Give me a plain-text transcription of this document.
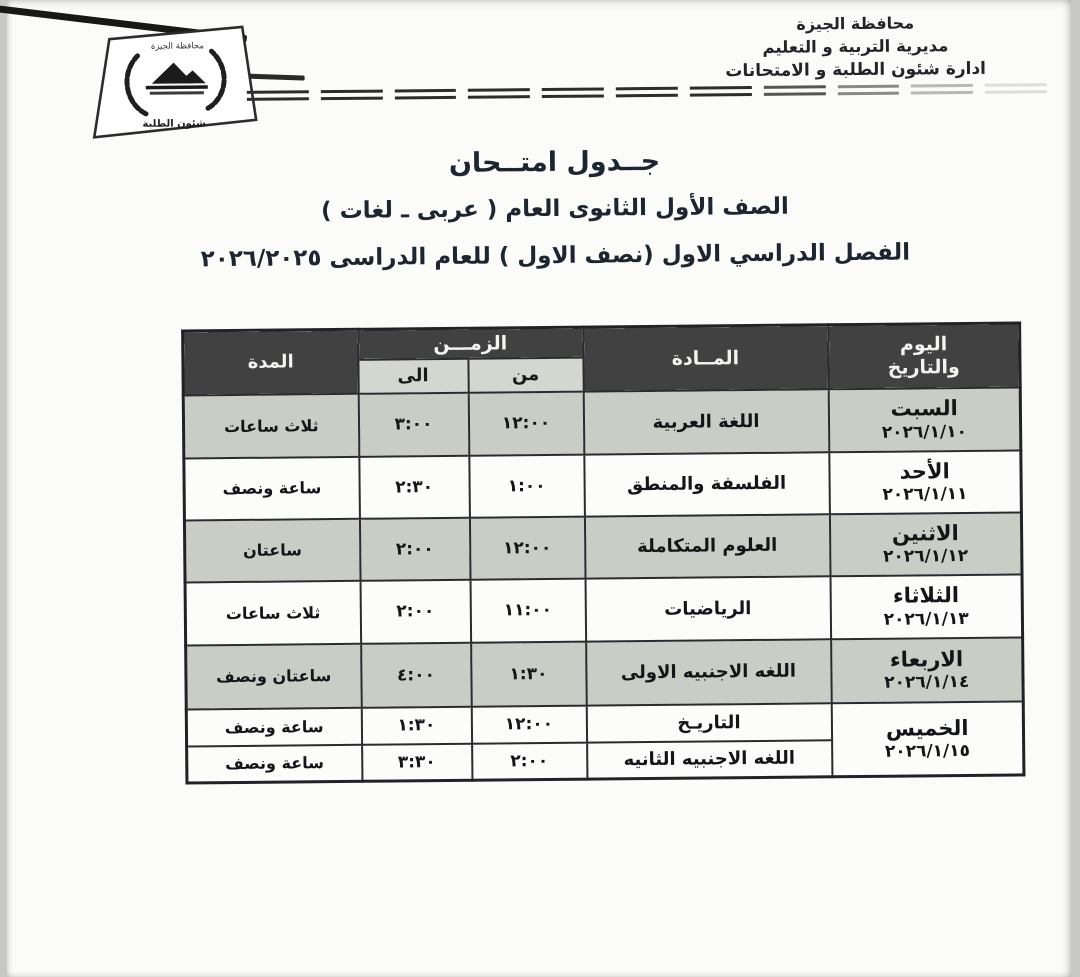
محافظة الجيزة
شئون الطلبة
محافظة الجيزة
مديرية التربية و التعليم
ادارة شئون الطلبة و الامتحانات
جــدول امتــحان
الصف الأول الثانوى العام ( عربى ـ لغات )
الفصل الدراسي الاول (نصف الاول ) للعام الدراسى ٢٠٢٦/٢٠٢٥
اليوم
والتاريخ	المــادة	الزمـــن		المدة
		من	الى	

السبت
٢٠٢٦/١/١٠	اللغة العربية	١٢:٠٠	٣:٠٠	ثلاث ساعات

الأحد
٢٠٢٦/١/١١	الفلسفة والمنطق	١:٠٠	٢:٣٠	ساعة ونصف

الاثنين
٢٠٢٦/١/١٢	العلوم المتكاملة	١٢:٠٠	٢:٠٠	ساعتان

الثلاثاء
٢٠٢٦/١/١٣	الرياضيات	١١:٠٠	٢:٠٠	ثلاث ساعات

الاربعاء
٢٠٢٦/١/١٤	اللغه الاجنبيه الاولى	١:٣٠	٤:٠٠	ساعتان ونصف

الخميس
٢٠٢٦/١/١٥	التاريـخ	١٢:٠٠	١:٣٠	ساعة ونصف
	اللغه الاجنبيه الثانيه	٢:٠٠	٣:٣٠	ساعة ونصف
